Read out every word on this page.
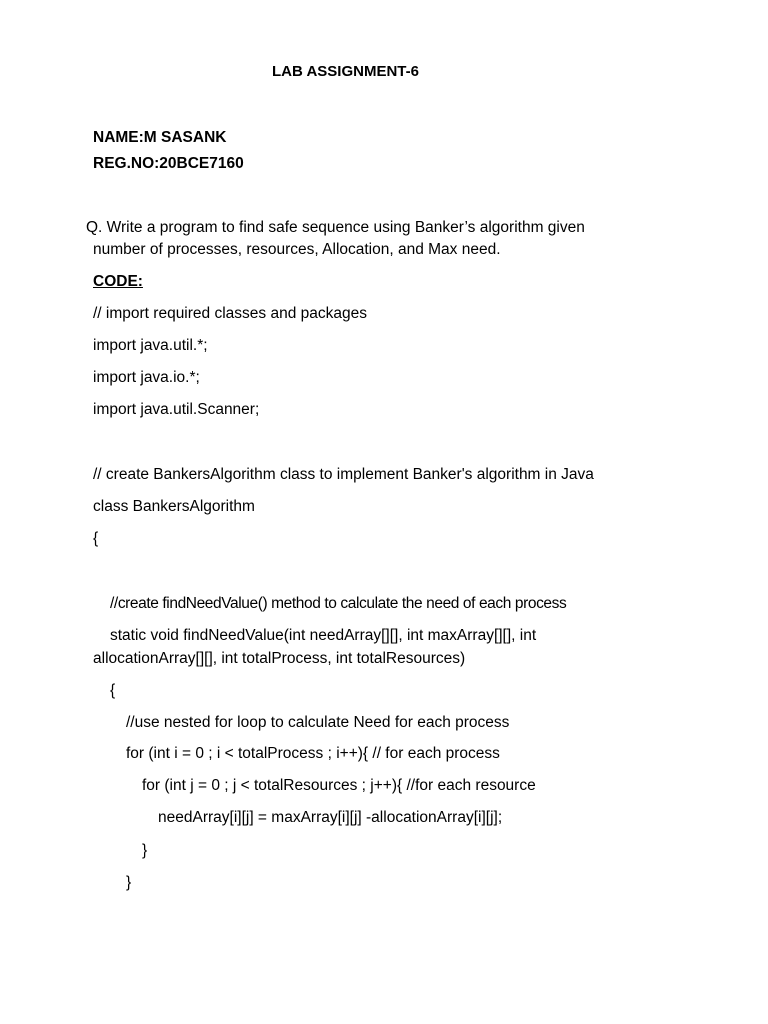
LAB ASSIGNMENT-6
NAME:M SASANK
REG.NO:20BCE7160
Q. Write a program to find safe sequence using Banker’s algorithm given
number of processes, resources, Allocation, and Max need.
CODE:
// import required classes and packages
import java.util.*;
import java.io.*;
import java.util.Scanner;
// create BankersAlgorithm class to implement Banker's algorithm in Java
class BankersAlgorithm
{
//create findNeedValue() method to calculate the need of each process
static void findNeedValue(int needArray[][], int maxArray[][], int
allocationArray[][], int totalProcess, int totalResources)
{
//use nested for loop to calculate Need for each process
for (int i = 0 ; i < totalProcess ; i++){ // for each process
for (int j = 0 ; j < totalResources ; j++){ //for each resource
needArray[i][j] = maxArray[i][j] -allocationArray[i][j];
}
}
